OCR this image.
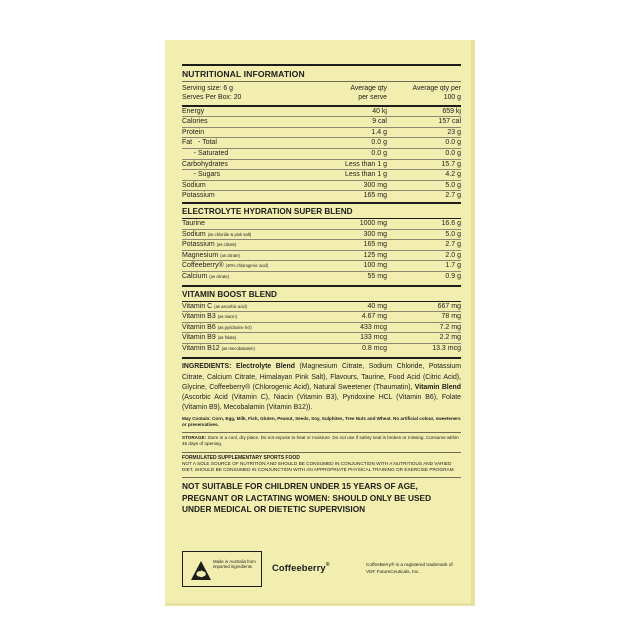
NUTRITIONAL INFORMATION
Serving size: 6 g
Serves Per Box: 20
Average qty
per serve
Average qty per
100 g
Energy	40 kj	659 kj
Calories	9 cal	157 cal
Protein	1.4 g	23 g
Fat   - Total	0.0 g	0.0 g
- Saturated	0.0 g	0.0 g
Carbohydrates	Less than 1 g	15.7 g
- Sugars	Less than 1 g	4.2 g
Sodium	300 mg	5.0 g
Potassium	165 mg	2.7 g
ELECTROLYTE HYDRATION SUPER BLEND
Taurine	1000 mg	16.6 g
Sodium (as chloride & pink salt)	300 mg	5.0 g
Potassium (as citrate)	165 mg	2.7 g
Magnesium (as citrate)	125 mg	2.0 g
Coffeeberry® (40% chlorogenic acid)	100 mg	1.7 g
Calcium (as citrate)	55 mg	0.9 g
VITAMIN BOOST BLEND
Vitamin C (as ascorbic acid)	40 mg	667 mg
Vitamin B3 (as niacin)	4.67 mg	78 mg
Vitamin B6 (as pyridoxine hcl)	433 mcg	7.2 mg
Vitamin B9 (as folate)	133 mcg	2.2 mg
Vitamin B12 (as mecobalamin)	0.8 mcg	13.3 mcg
INGREDIENTS: Electrolyte Blend (Magnesium Citrate, Sodium Chloride, Potassium Citrate, Calcium Citrate, Himalayan Pink Salt), Flavours, Taurine, Food Acid (Citric Acid), Glycine, Coffeeberry® (Chlorogenic Acid), Natural Sweetener (Thaumatin), Vitamin Blend (Ascorbic Acid (Vitamin C), Niacin (Vitamin B3), Pyridoxine HCL (Vitamin B6), Folate (Vitamin B9), Mecobalamin (Vitamin B12)).
May Contain: Corn, Egg, Milk, Fish, Gluten, Peanut, Seeds, Soy, Sulphites, Tree Nuts and Wheat. No artificial colour, sweeteners or preservatives.
STORAGE: Store in a cool, dry place. Do not expose to heat or moisture. Do not use if safety seal is broken or missing. Consume within 45 days of opening.
FORMULATED SUPPLEMENTARY SPORTS FOOD
NOT A SOLE SOURCE OF NUTRITION AND SHOULD BE CONSUMED IN CONJUNCTION WITH A NUTRITIOUS AND VARIED DIET. SHOULD BE CONSUMED IN CONJUNCTION WITH AN APPROPRIATE PHYSICAL TRAINING OR EXERCISE PROGRAM.
NOT SUITABLE FOR CHILDREN UNDER 15 YEARS OF AGE, PREGNANT OR LACTATING WOMEN: SHOULD ONLY BE USED UNDER MEDICAL OR DIETETIC SUPERVISION
Made in Australia from imported ingredients	Coffeeberry®	CoffeeBerry® is a registered trademark of VDF FutureCeuticals, Inc.
